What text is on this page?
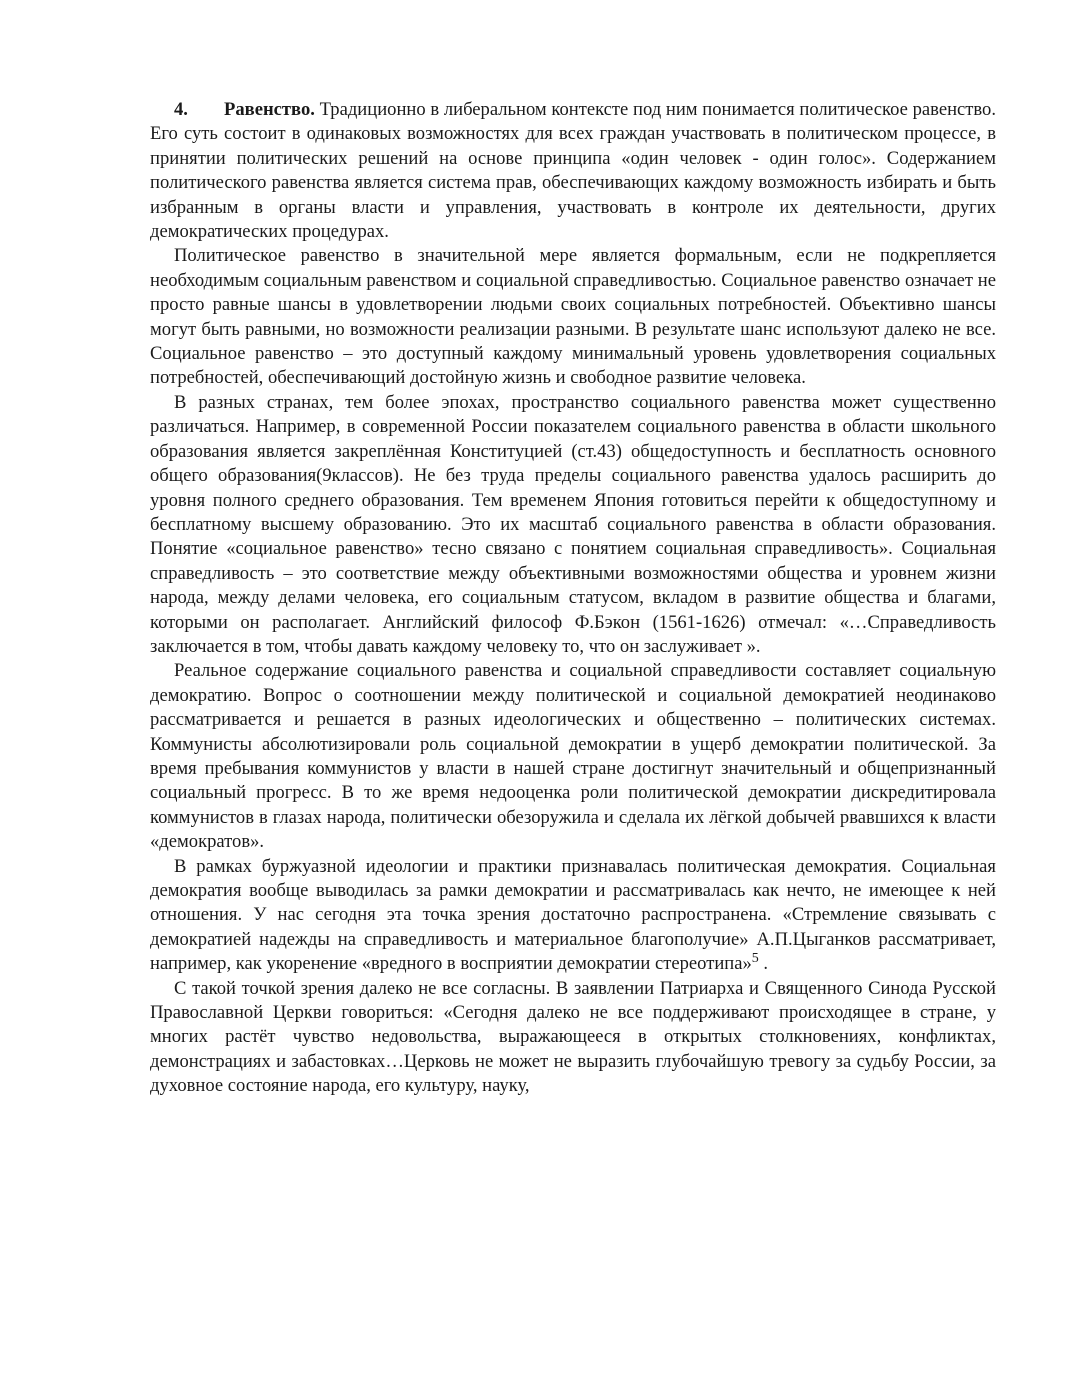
4. Равенство. Традиционно в либеральном контексте под ним понимается политическое равенство. Его суть состоит в одинаковых возможностях для всех граждан участвовать в политическом процессе, в принятии политических решений на основе принципа «один человек - один голос». Содержанием политического равенства является система прав, обеспечивающих каждому возможность избирать и быть избранным в органы власти и управления, участвовать в контроле их деятельности, других демократических процедурах.

Политическое равенство в значительной мере является формальным, если не подкрепляется необходимым социальным равенством и социальной справедливостью. Социальное равенство означает не просто равные шансы в удовлетворении людьми своих социальных потребностей. Объективно шансы могут быть равными, но возможности реализации разными. В результате шанс используют далеко не все. Социальное равенство – это доступный каждому минимальный уровень удовлетворения социальных потребностей, обеспечивающий достойную жизнь и свободное развитие человека.

В разных странах, тем более эпохах, пространство социального равенства может существенно различаться. Например, в современной России показателем социального равенства в области школьного образования является закреплённая Конституцией (ст.43) общедоступность и бесплатность основного общего образования(9классов). Не без труда пределы социального равенства удалось расширить до уровня полного среднего образования. Тем временем Япония готовиться перейти к общедоступному и бесплатному высшему образованию. Это их масштаб социального равенства в области образования. Понятие «социальное равенство» тесно связано с понятием социальная справедливость». Социальная справедливость – это соответствие между объективными возможностями общества и уровнем жизни народа, между делами человека, его социальным статусом, вкладом в развитие общества и благами, которыми он располагает. Английский философ Ф.Бэкон (1561-1626) отмечал: «…Справедливость заключается в том, чтобы давать каждому человеку то, что он заслуживает ».

Реальное содержание социального равенства и социальной справедливости составляет социальную демократию. Вопрос о соотношении между политической и социальной демократией неодинаково рассматривается и решается в разных идеологических и общественно – политических системах. Коммунисты абсолютизировали роль социальной демократии в ущерб демократии политической. За время пребывания коммунистов у власти в нашей стране достигнут значительный и общепризнанный социальный прогресс. В то же время недооценка роли политической демократии дискредитировала коммунистов в глазах народа, политически обезоружила и сделала их лёгкой добычей рвавшихся к власти «демократов».

В рамках буржуазной идеологии и практики признавалась политическая демократия. Социальная демократия вообще выводилась за рамки демократии и рассматривалась как нечто, не имеющее к ней отношения. У нас сегодня эта точка зрения достаточно распространена. «Стремление связывать с демократией надежды на справедливость и материальное благополучие» А.П.Цыганков рассматривает, например, как укоренение «вредного в восприятии демократии стереотипа»$^5$ .

С такой точкой зрения далеко не все согласны. В заявлении Патриарха и Священного Синода Русской Православной Церкви говориться: «Сегодня далеко не все поддерживают происходящее в стране, у многих растёт чувство недовольства, выражающееся в открытых столкновениях, конфликтах, демонстрациях и забастовках…Церковь не может не выразить глубочайшую тревогу за судьбу России, за духовное состояние народа, его культуру, науку,
